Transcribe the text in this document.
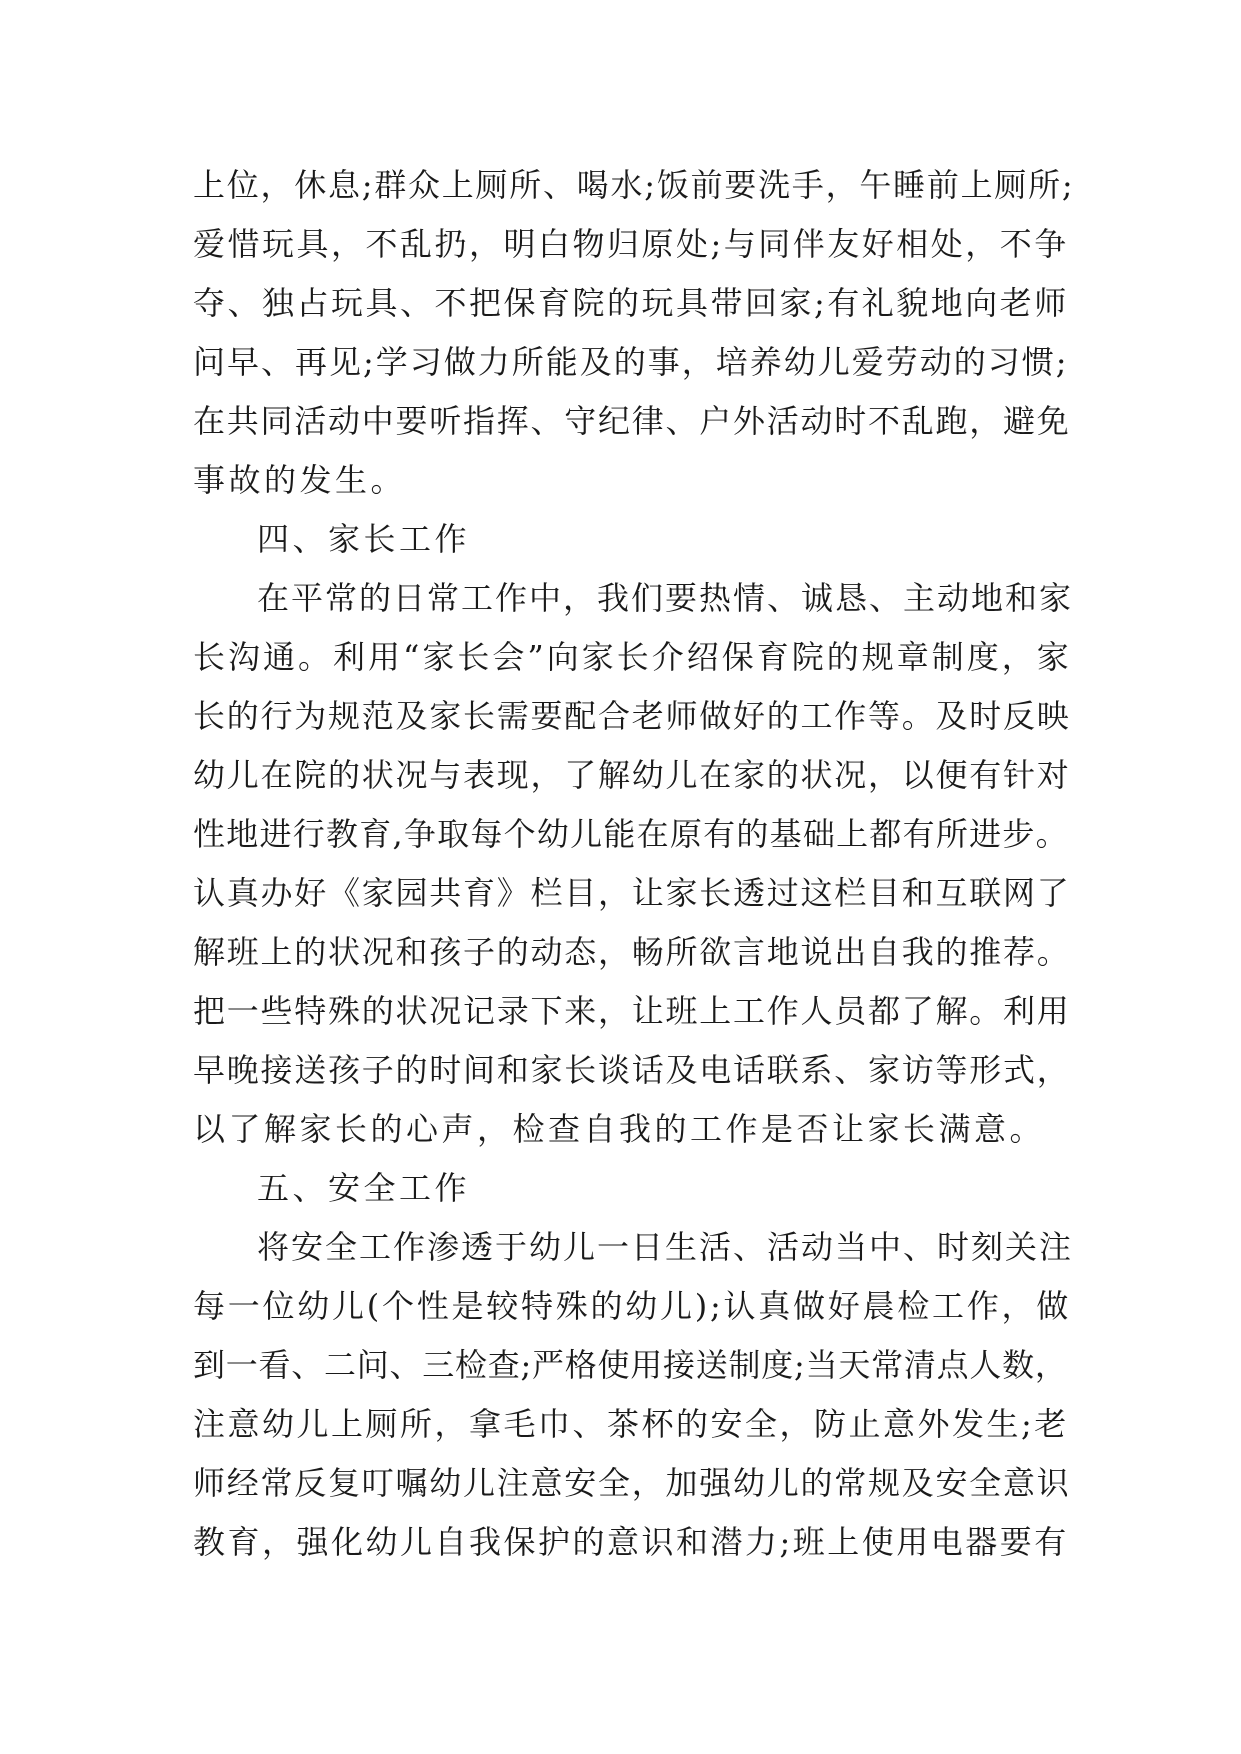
上位，休息;群众上厕所、喝水;饭前要洗手，午睡前上厕所;
爱惜玩具，不乱扔，明白物归原处;与同伴友好相处，不争
夺、独占玩具、不把保育院的玩具带回家;有礼貌地向老师
问早、再见;学习做力所能及的事，培养幼儿爱劳动的习惯;
在共同活动中要听指挥、守纪律、户外活动时不乱跑，避免
事故的发生。
四、家长工作
在平常的日常工作中，我们要热情、诚恳、主动地和家
长沟通。利用“家长会”向家长介绍保育院的规章制度，家
长的行为规范及家长需要配合老师做好的工作等。及时反映
幼儿在院的状况与表现，了解幼儿在家的状况，以便有针对
性地进行教育,争取每个幼儿能在原有的基础上都有所进步。
认真办好《家园共育》栏目，让家长透过这栏目和互联网了
解班上的状况和孩子的动态，畅所欲言地说出自我的推荐。
把一些特殊的状况记录下来，让班上工作人员都了解。利用
早晚接送孩子的时间和家长谈话及电话联系、家访等形式，
以了解家长的心声，检查自我的工作是否让家长满意。
五、安全工作
将安全工作渗透于幼儿一日生活、活动当中、时刻关注
每一位幼儿(个性是较特殊的幼儿);认真做好晨检工作，做
到一看、二问、三检查;严格使用接送制度;当天常清点人数，
注意幼儿上厕所，拿毛巾、茶杯的安全，防止意外发生;老
师经常反复叮嘱幼儿注意安全，加强幼儿的常规及安全意识
教育，强化幼儿自我保护的意识和潜力;班上使用电器要有
